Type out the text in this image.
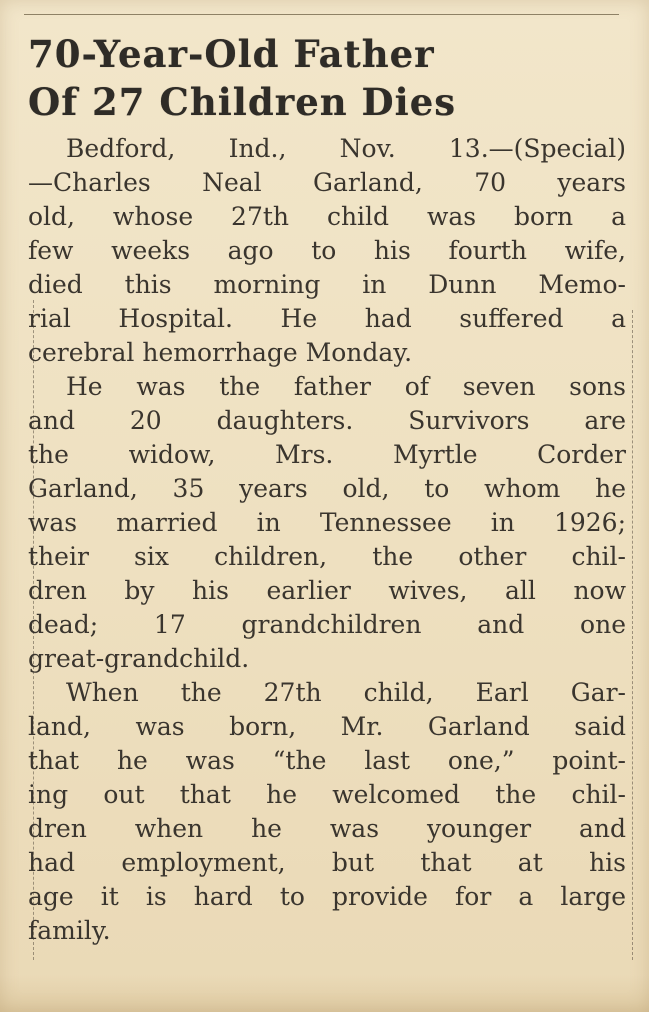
70-Year-Old Father
Of 27 Children Dies

Bedford, Ind., Nov. 13.—(Special)
—Charles Neal Garland, 70 years
old, whose 27th child was born a
few weeks ago to his fourth wife,
died this morning in Dunn Memo-
rial Hospital. He had suffered a
cerebral hemorrhage Monday.

He was the father of seven sons
and 20 daughters. Survivors are
the widow, Mrs. Myrtle Corder
Garland, 35 years old, to whom he
was married in Tennessee in 1926;
their six children, the other chil-
dren by his earlier wives, all now
dead; 17 grandchildren and one
great-grandchild.

When the 27th child, Earl Gar-
land, was born, Mr. Garland said
that he was “the last one,” point-
ing out that he welcomed the chil-
dren when he was younger and
had employment, but that at his
age it is hard to provide for a large
family.
